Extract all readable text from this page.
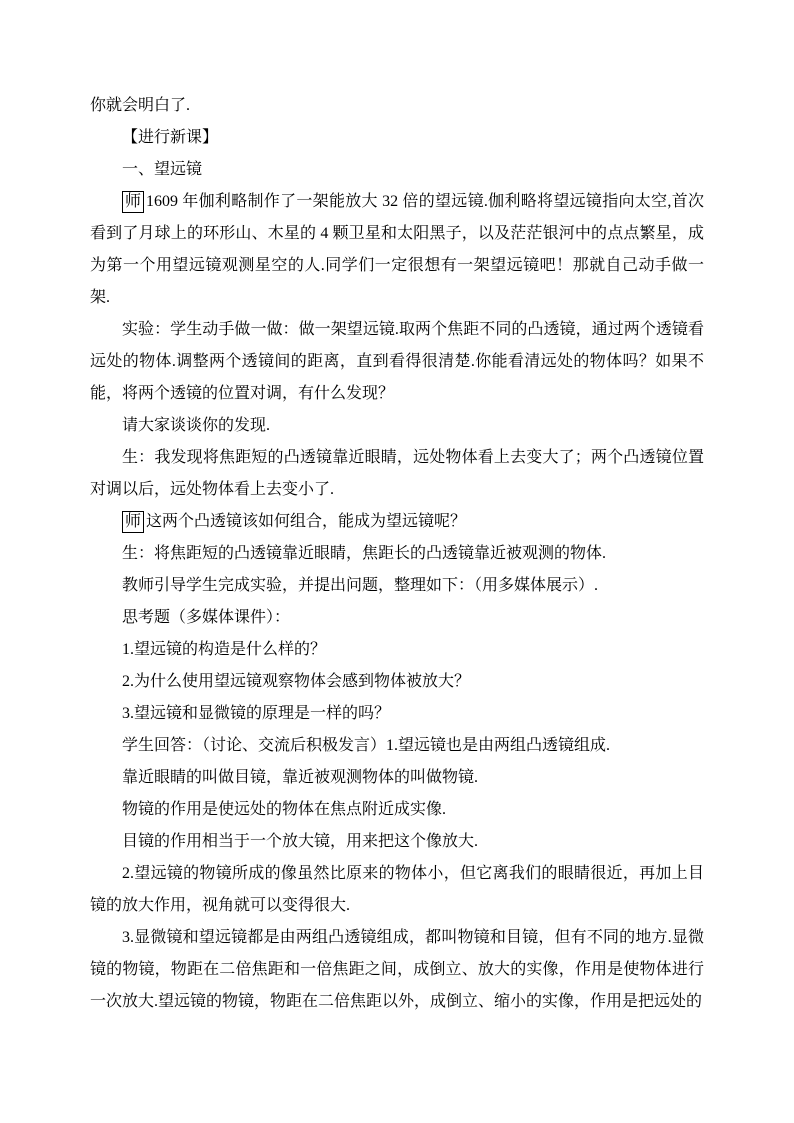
你就会明白了.

【进行新课】

一、望远镜

师 1609 年伽利略制作了一架能放大 32 倍的望远镜.伽利略将望远镜指向太空,首次看到了月球上的环形山、木星的 4 颗卫星和太阳黑子，以及茫茫银河中的点点繁星，成为第一个用望远镜观测星空的人.同学们一定很想有一架望远镜吧！那就自己动手做一架.

实验：学生动手做一做：做一架望远镜.取两个焦距不同的凸透镜，通过两个透镜看远处的物体.调整两个透镜间的距离，直到看得很清楚.你能看清远处的物体吗？如果不能，将两个透镜的位置对调，有什么发现？

请大家谈谈你的发现.

生：我发现将焦距短的凸透镜靠近眼睛，远处物体看上去变大了；两个凸透镜位置对调以后，远处物体看上去变小了.

师 这两个凸透镜该如何组合，能成为望远镜呢？

生：将焦距短的凸透镜靠近眼睛，焦距长的凸透镜靠近被观测的物体.

教师引导学生完成实验，并提出问题，整理如下：（用多媒体展示）.

思考题（多媒体课件）：

1.望远镜的构造是什么样的？

2.为什么使用望远镜观察物体会感到物体被放大？

3.望远镜和显微镜的原理是一样的吗？

学生回答：（讨论、交流后积极发言）1.望远镜也是由两组凸透镜组成.

靠近眼睛的叫做目镜，靠近被观测物体的叫做物镜.

物镜的作用是使远处的物体在焦点附近成实像.

目镜的作用相当于一个放大镜，用来把这个像放大.

2.望远镜的物镜所成的像虽然比原来的物体小，但它离我们的眼睛很近，再加上目镜的放大作用，视角就可以变得很大.

3.显微镜和望远镜都是由两组凸透镜组成，都叫物镜和目镜，但有不同的地方.显微镜的物镜，物距在二倍焦距和一倍焦距之间，成倒立、放大的实像，作用是使物体进行一次放大.望远镜的物镜，物距在二倍焦距以外，成倒立、缩小的实像，作用是把远处的
